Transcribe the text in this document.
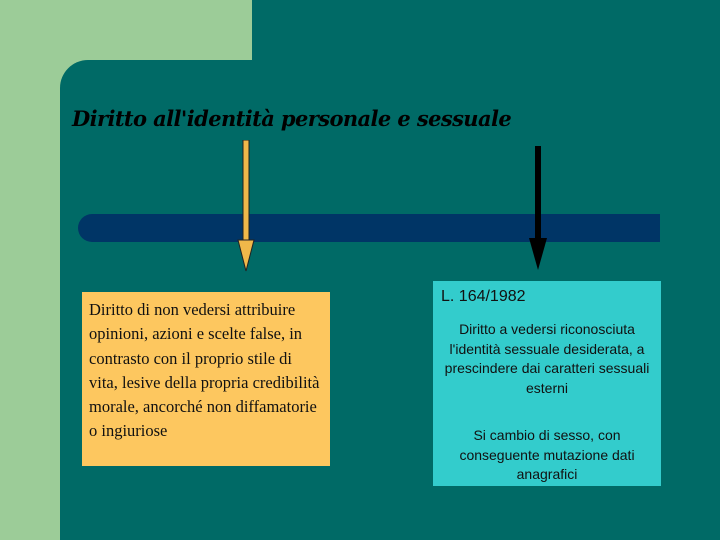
Diritto all'identità personale e sessuale
Diritto di non vedersi attribuire opinioni, azioni e scelte false, in contrasto con il proprio stile di vita, lesive della propria credibilità morale, ancorché non diffamatorie o ingiuriose
L. 164/1982
Diritto a vedersi riconosciuta l'identità sessuale desiderata, a prescindere dai caratteri sessuali esterni
Si cambio di sesso, con conseguente mutazione dati anagrafici
